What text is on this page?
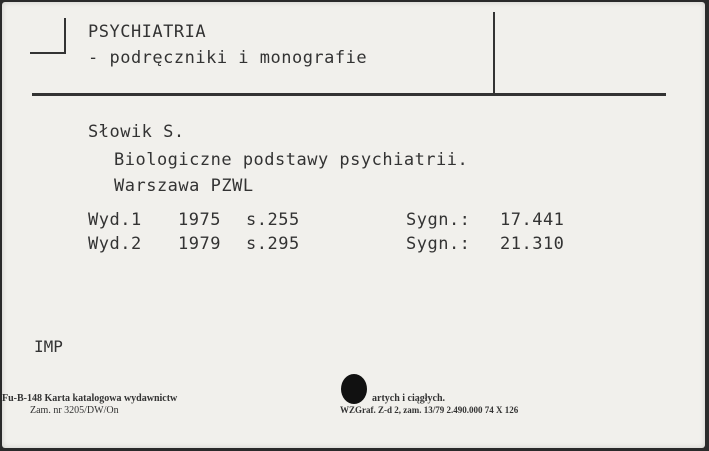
PSYCHIATRIA
- podręczniki i monografie
Słowik S.
Biologiczne podstawy psychiatrii.
Warszawa PZWL
Wyd.1 1975 s.255	Sygn.: 17.441
Wyd.2 1979 s.295	Sygn.: 21.310
IMP
Fu-B-148 Karta katalogowa wydawnictw	artych i ciągłych.
Zam. nr 3205/DW/On	WZGraf. Z-d 2, zam. 13/79 2.490.000 74 X 126
